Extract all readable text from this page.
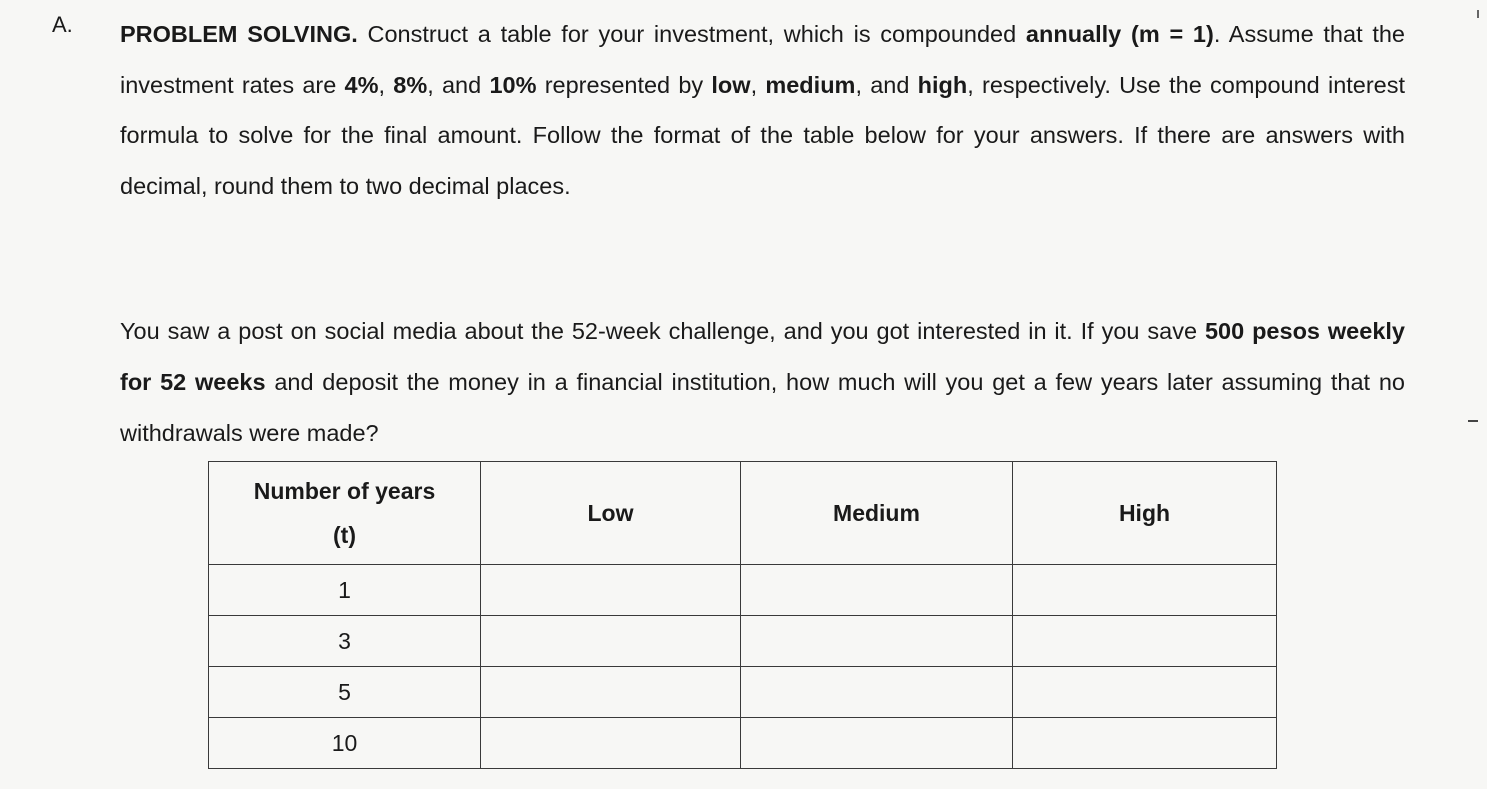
A. PROBLEM SOLVING. Construct a table for your investment, which is compounded annually (m = 1). Assume that the investment rates are 4%, 8%, and 10% represented by low, medium, and high, respectively. Use the compound interest formula to solve for the final amount. Follow the format of the table below for your answers. If there are answers with decimal, round them to two decimal places.

You saw a post on social media about the 52-week challenge, and you got interested in it. If you save 500 pesos weekly for 52 weeks and deposit the money in a financial institution, how much will you get a few years later assuming that no withdrawals were made?

Number of years
(t)	Low	Medium	High
1			
3			
5			
10			
